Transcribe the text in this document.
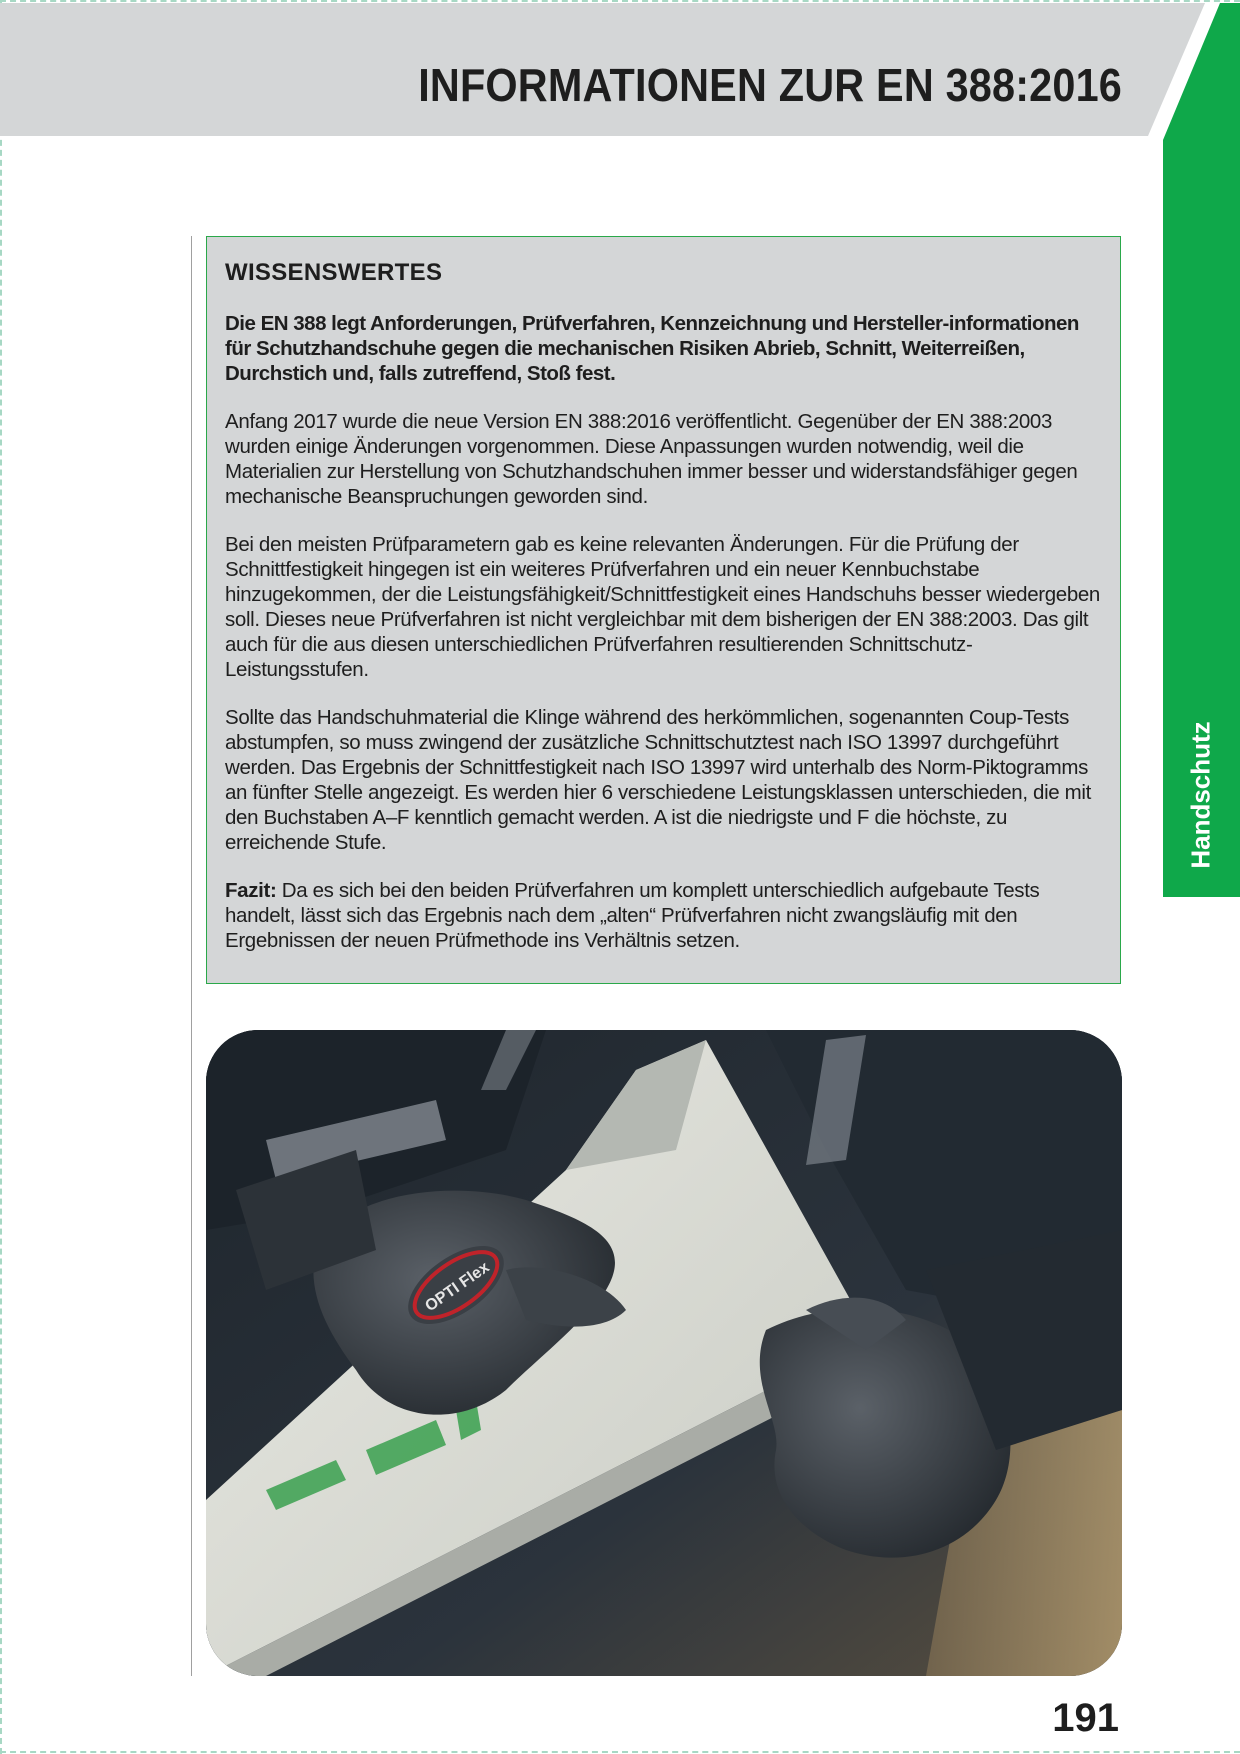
INFORMATIONEN ZUR EN 388:2016
Handschutz
WISSENSWERTES

Die EN 388 legt Anforderungen, Prüfverfahren, Kennzeichnung und Hersteller-informationen für Schutzhandschuhe gegen die mechanischen Risiken Abrieb, Schnitt, Weiterreißen, Durchstich und, falls zutreffend, Stoß fest.

Anfang 2017 wurde die neue Version EN 388:2016 veröffentlicht. Gegenüber der EN 388:2003 wurden einige Änderungen vorgenommen. Diese Anpassungen wurden notwendig, weil die Materialien zur Herstellung von Schutzhandschuhen immer besser und widerstandsfähiger gegen mechanische Beanspruchungen geworden sind.

Bei den meisten Prüfparametern gab es keine relevanten Änderungen. Für die Prüfung der Schnittfestigkeit hingegen ist ein weiteres Prüfverfahren und ein neuer Kennbuchstabe hinzugekommen, der die Leistungsfähigkeit/Schnittfestigkeit eines Handschuhs besser wiedergeben soll. Dieses neue Prüfverfahren ist nicht vergleichbar mit dem bisherigen der EN 388:2003. Das gilt auch für die aus diesen unterschiedlichen Prüfverfahren resultierenden Schnittschutz-Leistungsstufen.

Sollte das Handschuhmaterial die Klinge während des herkömmlichen, sogenannten Coup-Tests abstumpfen, so muss zwingend der zusätzliche Schnittschutztest nach ISO 13997 durchgeführt werden. Das Ergebnis der Schnittfestigkeit nach ISO 13997 wird unterhalb des Norm-Piktogramms an fünfter Stelle angezeigt. Es werden hier 6 verschiedene Leistungsklassen unterschieden, die mit den Buchstaben A–F kenntlich gemacht werden. A ist die niedrigste und F die höchste, zu erreichende Stufe.

Fazit: Da es sich bei den beiden Prüfverfahren um komplett unterschiedlich aufgebaute Tests handelt, lässt sich das Ergebnis nach dem „alten“ Prüfverfahren nicht zwangsläufig mit den Ergebnissen der neuen Prüfmethode ins Verhältnis setzen.

OPTI Flex
191
